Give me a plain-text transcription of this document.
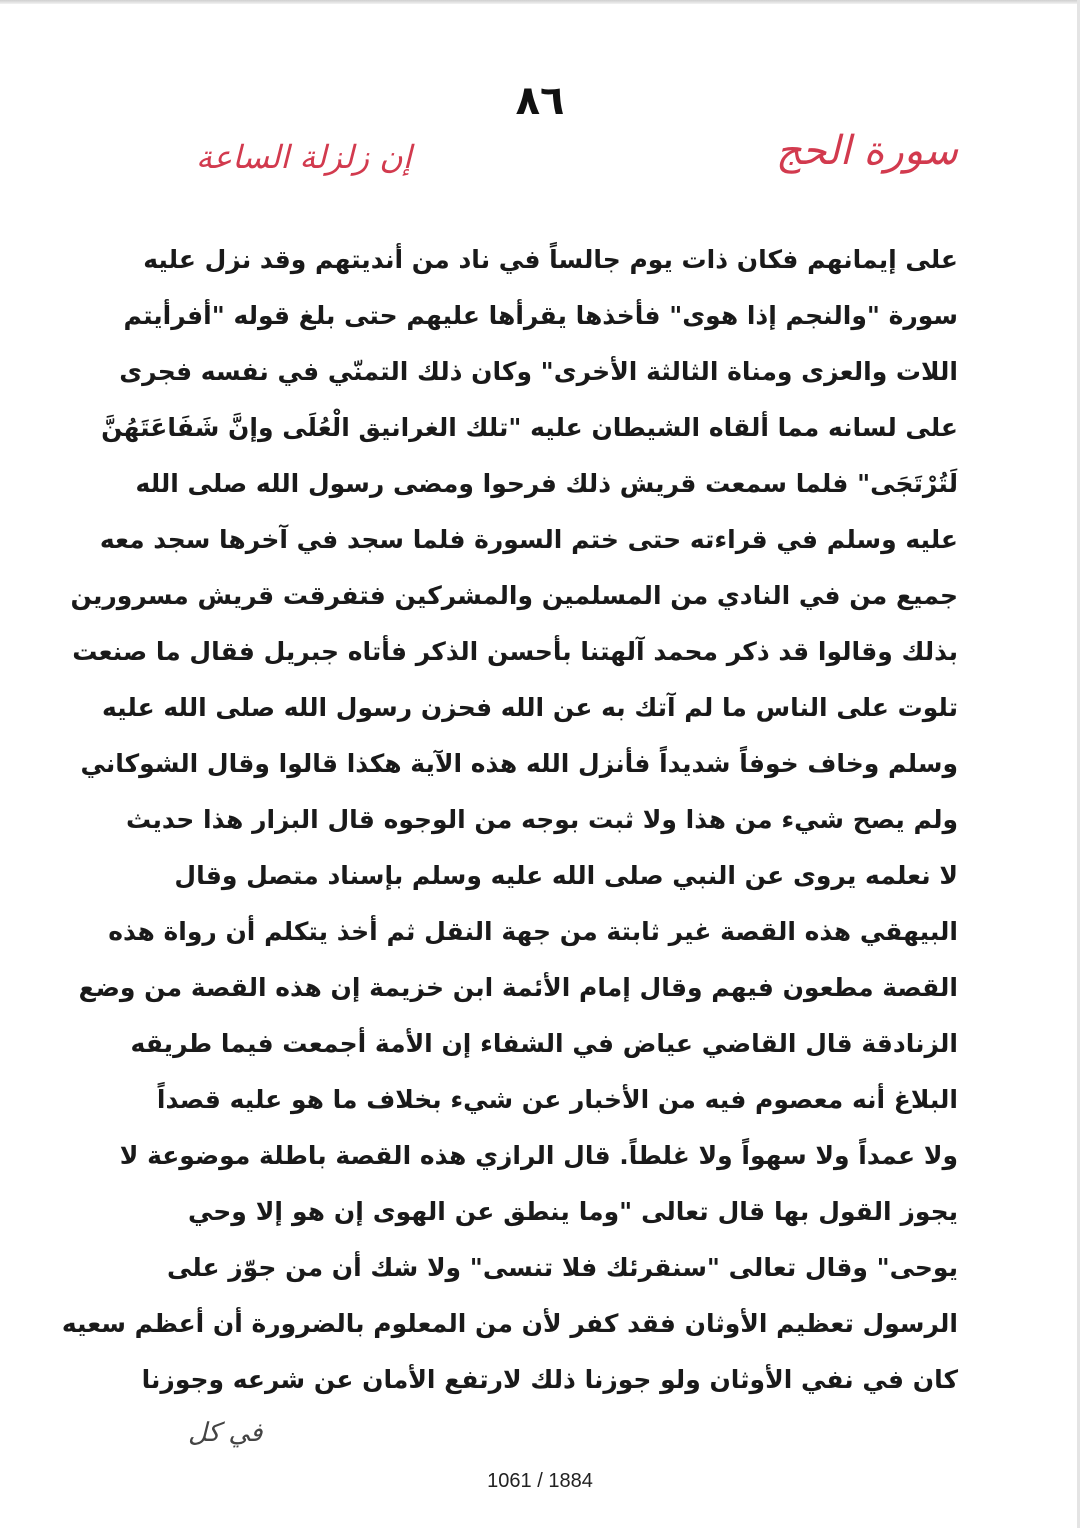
٨٦
سورة الحج
إن زلزلة الساعة
على إيمانهم فكان ذات يوم جالساً في ناد من أنديتهم وقد نزل عليه
سورة "والنجم إذا هوى" فأخذها يقرأها عليهم حتى بلغ قوله "أفرأيتم
اللات والعزى ومناة الثالثة الأخرى" وكان ذلك التمنّي في نفسه فجرى
على لسانه مما ألقاه الشيطان عليه "تلك الغرانيق الْعُلَى وإنَّ شَفَاعَتَهُنَّ
لَتُرْتَجَى" فلما سمعت قريش ذلك فرحوا ومضى رسول الله صلى الله
عليه وسلم في قراءته حتى ختم السورة فلما سجد في آخرها سجد معه
جميع من في النادي من المسلمين والمشركين فتفرقت قريش مسرورين
بذلك وقالوا قد ذكر محمد آلهتنا بأحسن الذكر فأتاه جبريل فقال ما صنعت
تلوت على الناس ما لم آتك به عن الله فحزن رسول الله صلى الله عليه
وسلم وخاف خوفاً شديداً فأنزل الله هذه الآية هكذا قالوا وقال الشوكاني
ولم يصح شيء من هذا ولا ثبت بوجه من الوجوه قال البزار هذا حديث
لا نعلمه يروى عن النبي صلى الله عليه وسلم بإسناد متصل وقال
البيهقي هذه القصة غير ثابتة من جهة النقل ثم أخذ يتكلم أن رواة هذه
القصة مطعون فيهم وقال إمام الأئمة ابن خزيمة إن هذه القصة من وضع
الزنادقة قال القاضي عياض في الشفاء إن الأمة أجمعت فيما طريقه
البلاغ أنه معصوم فيه من الأخبار عن شيء بخلاف ما هو عليه قصداً
ولا عمداً ولا سهواً ولا غلطاً. قال الرازي هذه القصة باطلة موضوعة لا
يجوز القول بها قال تعالى "وما ينطق عن الهوى إن هو إلا وحي
يوحى" وقال تعالى "سنقرئك فلا تنسى" ولا شك أن من جوّز على
الرسول تعظيم الأوثان فقد كفر لأن من المعلوم بالضرورة أن أعظم سعيه
كان في نفي الأوثان ولو جوزنا ذلك لارتفع الأمان عن شرعه وجوزنا
في كل
1061 / 1884
